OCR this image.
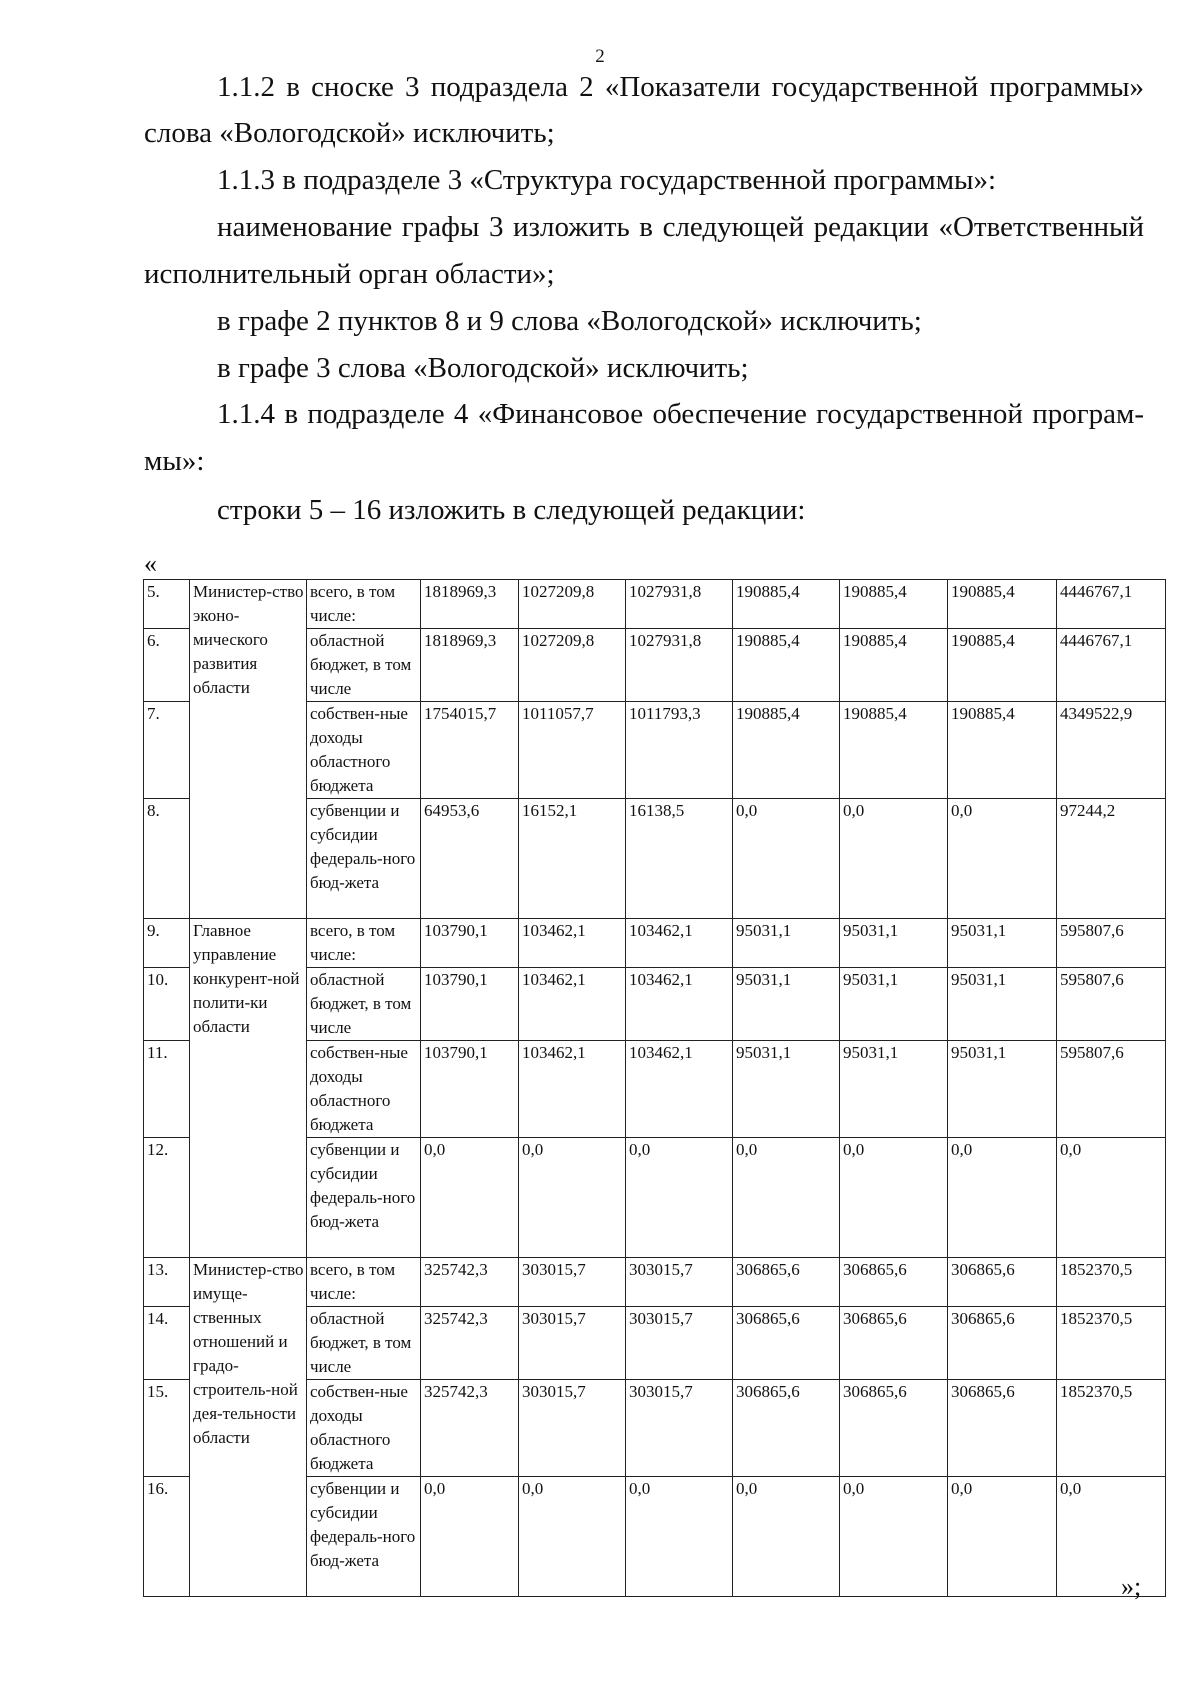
2
1.1.2 в сноске 3 подраздела 2 «Показатели государственной программы»
слова «Вологодской» исключить;
1.1.3 в подразделе 3 «Структура государственной программы»:
наименование графы 3 изложить в следующей редакции «Ответственный
исполнительный орган области»;
в графе 2 пунктов 8 и 9 слова «Вологодской» исключить;
в графе 3 слова «Вологодской» исключить;
1.1.4 в подразделе 4 «Финансовое обеспечение государственной програм-
мы»:
строки 5 – 16 изложить в следующей редакции:
«
5.	Министер-ство эконо-мического развития области	всего, в том числе:	1818969,3	1027209,8	1027931,8	190885,4	190885,4	190885,4	4446767,1
6.		областной бюджет, в том числе	1818969,3	1027209,8	1027931,8	190885,4	190885,4	190885,4	4446767,1
7.		собствен-ные доходы областного бюджета	1754015,7	1011057,7	1011793,3	190885,4	190885,4	190885,4	4349522,9
8.		субвенции и субсидии федераль-ного бюд-жета	64953,6	16152,1	16138,5	0,0	0,0	0,0	97244,2
9.	Главное управление конкурент-ной полити-ки области	всего, в том числе:	103790,1	103462,1	103462,1	95031,1	95031,1	95031,1	595807,6
10.		областной бюджет, в том числе	103790,1	103462,1	103462,1	95031,1	95031,1	95031,1	595807,6
11.		собствен-ные доходы областного бюджета	103790,1	103462,1	103462,1	95031,1	95031,1	95031,1	595807,6
12.		субвенции и субсидии федераль-ного бюд-жета	0,0	0,0	0,0	0,0	0,0	0,0	0,0
13.	Министер-ство имуще-ственных отношений и градо-строитель-ной дея-тельности области	всего, в том числе:	325742,3	303015,7	303015,7	306865,6	306865,6	306865,6	1852370,5
14.		областной бюджет, в том числе	325742,3	303015,7	303015,7	306865,6	306865,6	306865,6	1852370,5
15.		собствен-ные доходы областного бюджета	325742,3	303015,7	303015,7	306865,6	306865,6	306865,6	1852370,5
16.		субвенции и субсидии федераль-ного бюд-жета	0,0	0,0	0,0	0,0	0,0	0,0	0,0
»;
